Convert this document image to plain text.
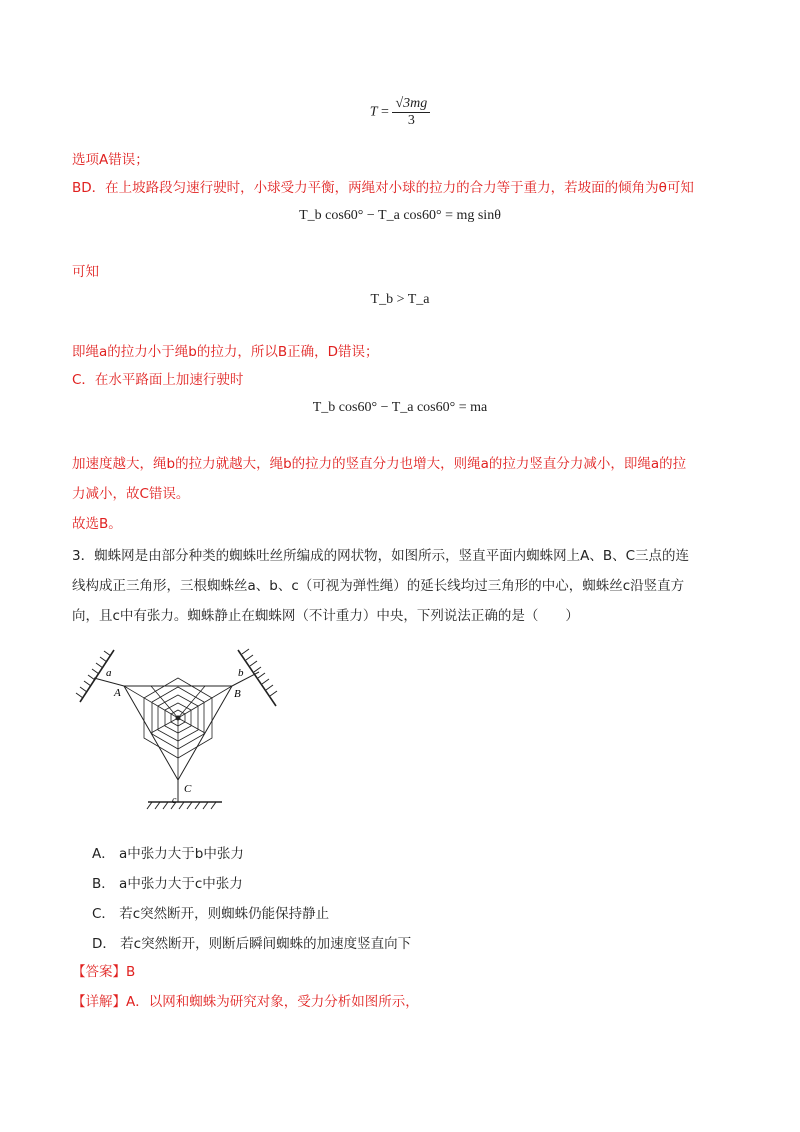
$T = \frac{√3mg}{3}$
选项A错误；
BD．在上坡路段匀速行驶时，小球受力平衡，两绳对小球的拉力的合力等于重力，若坡面的倾角为θ可知
T_b cos60° − T_a cos60° = mg sinθ
可知
T_b > T_a
即绳a的拉力小于绳b的拉力，所以B正确，D错误；
C．在水平路面上加速行驶时
T_b cos60° − T_a cos60° = ma
加速度越大，绳b的拉力就越大，绳b的拉力的竖直分力也增大，则绳a的拉力竖直分力减小，即绳a的拉
力减小，故C错误。
故选B。
3．蜘蛛网是由部分种类的蜘蛛吐丝所编成的网状物，如图所示，竖直平面内蜘蛛网上A、B、C三点的连
线构成正三角形，三根蜘蛛丝a、b、c（可视为弹性绳）的延长线均过三角形的中心，蜘蛛丝c沿竖直方
向，且c中有张力。蜘蛛静止在蜘蛛网（不计重力）中央，下列说法正确的是（　　）
a
A
b
B
C
c
A． a中张力大于b中张力
B． a中张力大于c中张力
C． 若c突然断开，则蜘蛛仍能保持静止
D． 若c突然断开，则断后瞬间蜘蛛的加速度竖直向下
【答案】B
【详解】A．以网和蜘蛛为研究对象，受力分析如图所示，
